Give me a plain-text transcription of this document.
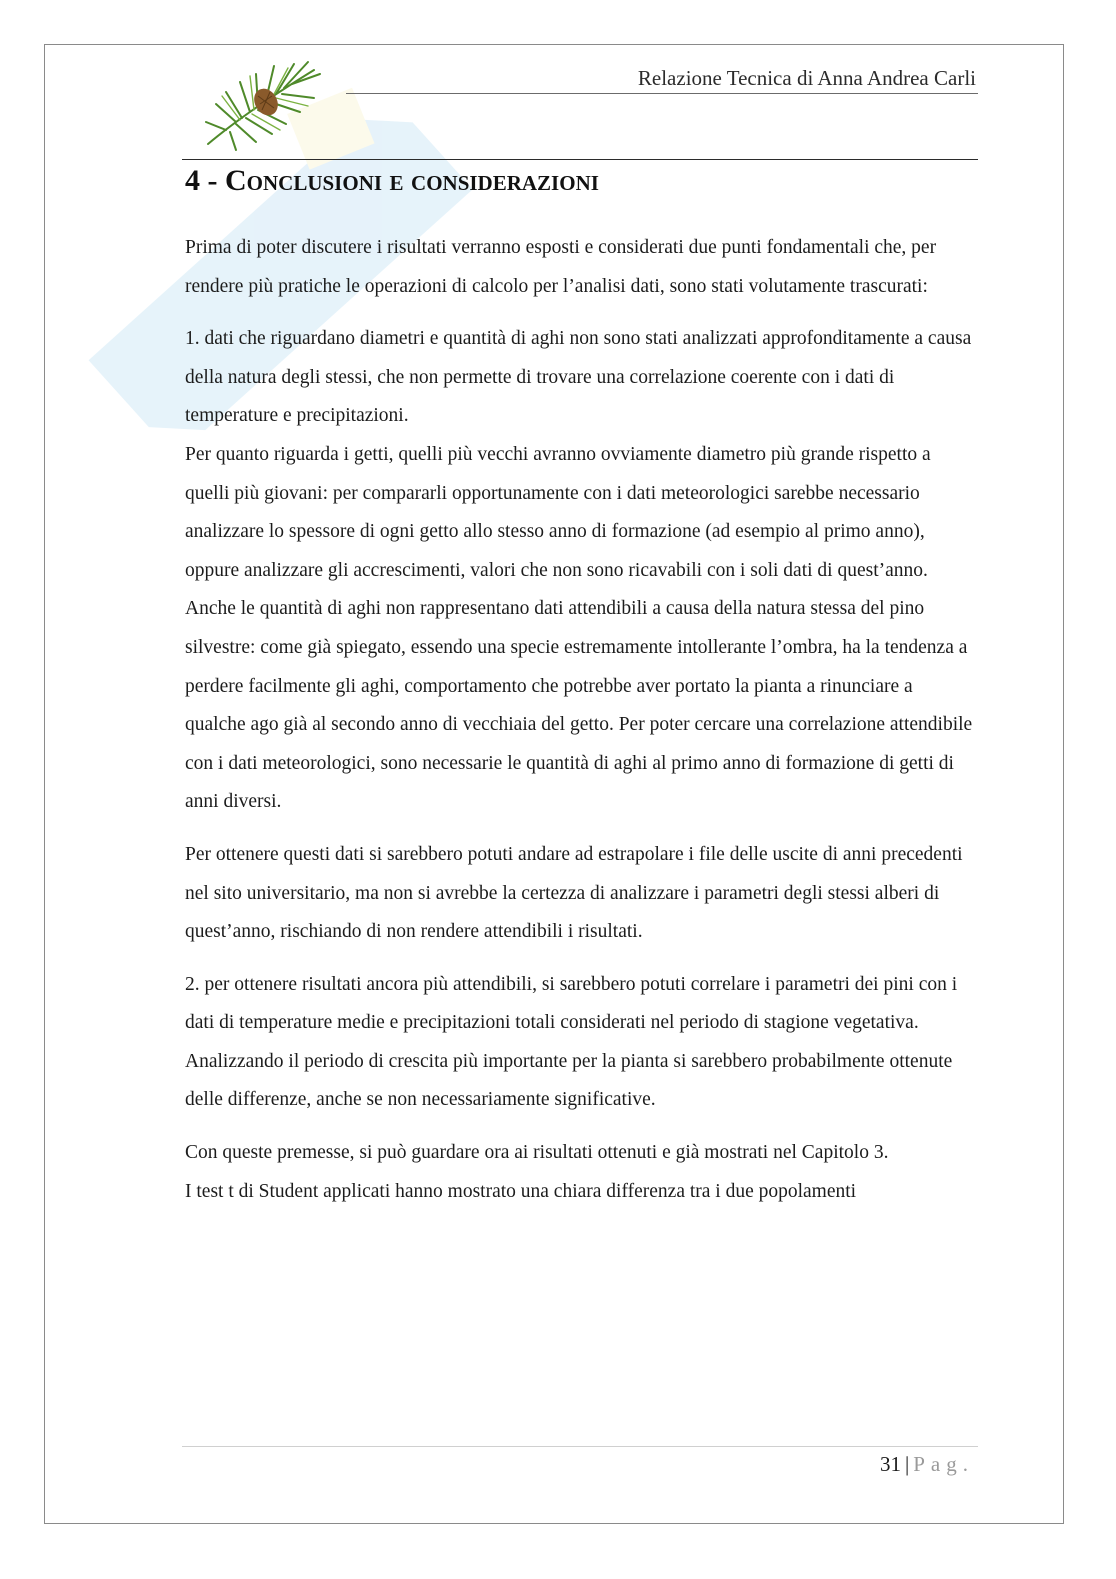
Relazione Tecnica di Anna Andrea Carli
4 - Conclusioni e considerazioni

Prima di poter discutere i risultati verranno esposti e considerati due punti fondamentali che, per rendere più pratiche le operazioni di calcolo per l’analisi dati, sono stati volutamente trascurati:

1. dati che riguardano diametri e quantità di aghi non sono stati analizzati approfonditamente a causa della natura degli stessi, che non permette di trovare una correlazione coerente con i dati di temperature e precipitazioni.

Per quanto riguarda i getti, quelli più vecchi avranno ovviamente diametro più grande rispetto a quelli più giovani: per compararli opportunamente con i dati meteorologici sarebbe necessario analizzare lo spessore di ogni getto allo stesso anno di formazione (ad esempio al primo anno), oppure analizzare gli accrescimenti, valori che non sono ricavabili con i soli dati di quest’anno.

Anche le quantità di aghi non rappresentano dati attendibili a causa della natura stessa del pino silvestre: come già spiegato, essendo una specie estremamente intollerante l’ombra, ha la tendenza a perdere facilmente gli aghi, comportamento che potrebbe aver portato la pianta a rinunciare a qualche ago già al secondo anno di vecchiaia del getto. Per poter cercare una correlazione attendibile con i dati meteorologici, sono necessarie le quantità di aghi al primo anno di formazione di getti di anni diversi.

Per ottenere questi dati si sarebbero potuti andare ad estrapolare i file delle uscite di anni precedenti nel sito universitario, ma non si avrebbe la certezza di analizzare i parametri degli stessi alberi di quest’anno, rischiando di non rendere attendibili i risultati.

2. per ottenere risultati ancora più attendibili, si sarebbero potuti correlare i parametri dei pini con i dati di temperature medie e precipitazioni totali considerati nel periodo di stagione vegetativa. Analizzando il periodo di crescita più importante per la pianta si sarebbero probabilmente ottenute delle differenze, anche se non necessariamente significative.

Con queste premesse, si può guardare ora ai risultati ottenuti e già mostrati nel Capitolo 3.

I test t di Student applicati hanno mostrato una chiara differenza tra i due popolamenti

31 | Pag.
